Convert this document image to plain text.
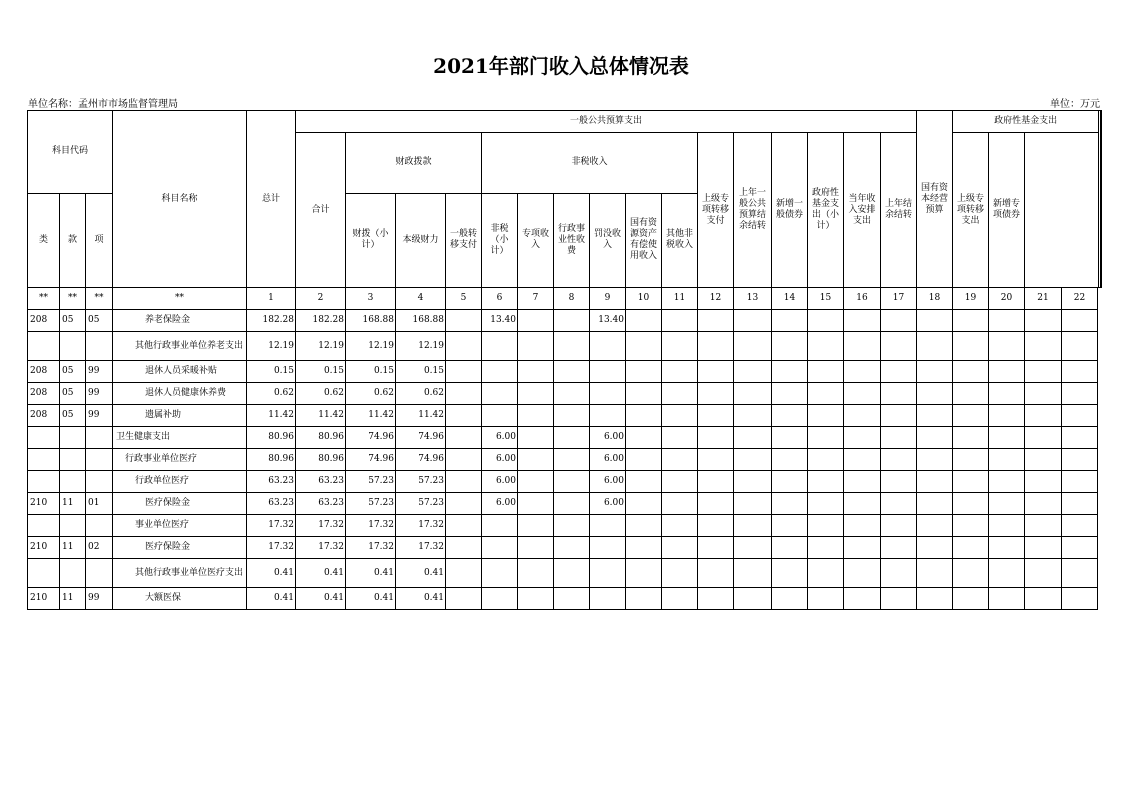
2021年部门收入总体情况表
单位名称：孟州市市场监督管理局	单位：万元
科目代码			科目名称	总计	一般公共预算支出																国有资本经营预算	政府性基金支出		
					合计	财政拨款			非税收入						上级专项转移支付	上年一般公共预算结余结转	新增一般债券	政府性基金支出（小计）	当年收入安排支出	上年结余结转		上级专项转移支出	新增专项债券				
类	款	项				财拨（小计）	本级财力	一般转移支付	非税（小计）	专项收入	行政事业性收费	罚没收入	国有资源资产有偿使用收入	其他非税收入													

**	**	**	**	1	2	3	4	5	6	7	8	9	10	11	12	13	14	15	16	17	18	19	20	21	22		
208	05	05	养老保险金	182.28	182.28	168.88	168.88		13.40			13.40															
			其他行政事业单位养老支出	12.19	12.19	12.19	12.19																				
208	05	99	退休人员采暖补贴	0.15	0.15	0.15	0.15																				
208	05	99	退休人员健康休养费	0.62	0.62	0.62	0.62																				
208	05	99	遗属补助	11.42	11.42	11.42	11.42																				
			卫生健康支出	80.96	80.96	74.96	74.96		6.00			6.00															
			行政事业单位医疗	80.96	80.96	74.96	74.96		6.00			6.00															
			行政单位医疗	63.23	63.23	57.23	57.23		6.00			6.00															
210	11	01	医疗保险金	63.23	63.23	57.23	57.23		6.00			6.00															
			事业单位医疗	17.32	17.32	17.32	17.32																				
210	11	02	医疗保险金	17.32	17.32	17.32	17.32																				
			其他行政事业单位医疗支出	0.41	0.41	0.41	0.41																				
210	11	99	大额医保	0.41	0.41	0.41	0.41																				
